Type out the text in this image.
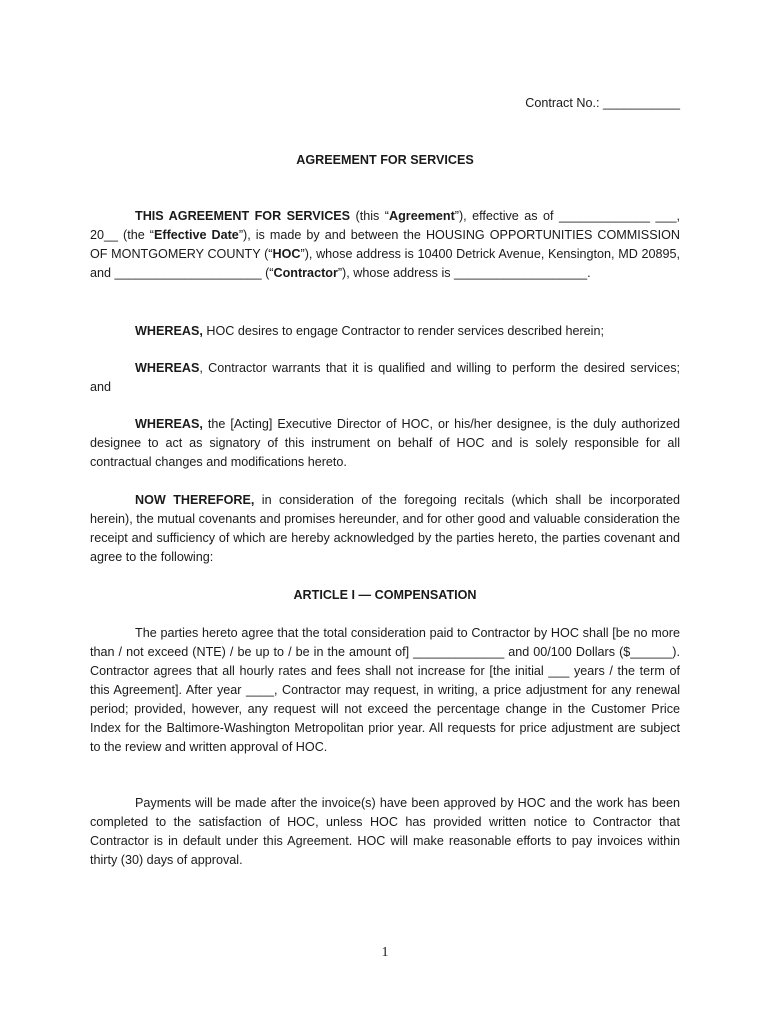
Contract No.: ___________
AGREEMENT FOR SERVICES
THIS AGREEMENT FOR SERVICES (this “Agreement”), effective as of _____________ ___, 20__ (the “Effective Date”), is made by and between the HOUSING OPPORTUNITIES COMMISSION OF MONTGOMERY COUNTY (“HOC”), whose address is 10400 Detrick Avenue, Kensington, MD 20895, and _____________________ (“Contractor”), whose address is ___________________.
WHEREAS, HOC desires to engage Contractor to render services described herein;
WHEREAS, Contractor warrants that it is qualified and willing to perform the desired services; and
WHEREAS, the [Acting] Executive Director of HOC, or his/her designee, is the duly authorized designee to act as signatory of this instrument on behalf of HOC and is solely responsible for all contractual changes and modifications hereto.
NOW THEREFORE, in consideration of the foregoing recitals (which shall be incorporated herein), the mutual covenants and promises hereunder, and for other good and valuable consideration the receipt and sufficiency of which are hereby acknowledged by the parties hereto, the parties covenant and agree to the following:
ARTICLE I — COMPENSATION
The parties hereto agree that the total consideration paid to Contractor by HOC shall [be no more than / not exceed (NTE) / be up to / be in the amount of] _____________ and 00/100 Dollars ($______). Contractor agrees that all hourly rates and fees shall not increase for [the initial ___ years / the term of this Agreement]. After year ____, Contractor may request, in writing, a price adjustment for any renewal period; provided, however, any request will not exceed the percentage change in the Customer Price Index for the Baltimore-Washington Metropolitan prior year. All requests for price adjustment are subject to the review and written approval of HOC.
Payments will be made after the invoice(s) have been approved by HOC and the work has been completed to the satisfaction of HOC, unless HOC has provided written notice to Contractor that Contractor is in default under this Agreement. HOC will make reasonable efforts to pay invoices within thirty (30) days of approval.
1
